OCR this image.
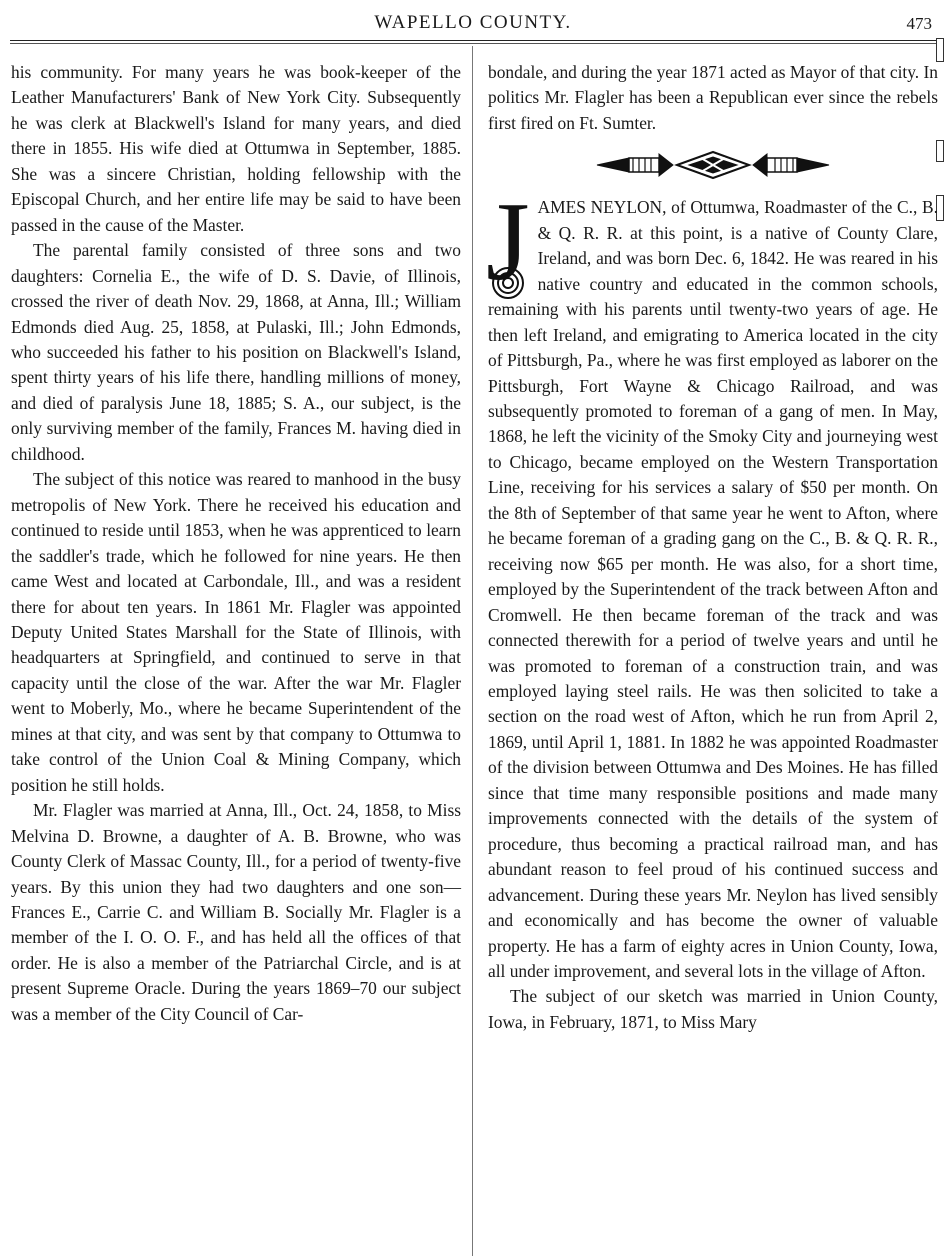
WAPELLO COUNTY.	473

his community. For many years he was book-keeper of the Leather Manufacturers' Bank of New York City. Subsequently he was clerk at Blackwell's Island for many years, and died there in 1855. His wife died at Ottumwa in September, 1885. She was a sincere Christian, holding fellowship with the Episcopal Church, and her entire life may be said to have been passed in the cause of the Master.

The parental family consisted of three sons and two daughters: Cornelia E., the wife of D. S. Davie, of Illinois, crossed the river of death Nov. 29, 1868, at Anna, Ill.; William Edmonds died Aug. 25, 1858, at Pulaski, Ill.; John Edmonds, who succeeded his father to his position on Blackwell's Island, spent thirty years of his life there, handling millions of money, and died of paralysis June 18, 1885; S. A., our subject, is the only surviving member of the family, Frances M. having died in childhood.

The subject of this notice was reared to manhood in the busy metropolis of New York. There he received his education and continued to reside until 1853, when he was apprenticed to learn the saddler's trade, which he followed for nine years. He then came West and located at Carbondale, Ill., and was a resident there for about ten years. In 1861 Mr. Flagler was appointed Deputy United States Marshall for the State of Illinois, with headquarters at Springfield, and continued to serve in that capacity until the close of the war. After the war Mr. Flagler went to Moberly, Mo., where he became Superintendent of the mines at that city, and was sent by that company to Ottumwa to take control of the Union Coal & Mining Company, which position he still holds.

Mr. Flagler was married at Anna, Ill., Oct. 24, 1858, to Miss Melvina D. Browne, a daughter of A. B. Browne, who was County Clerk of Massac County, Ill., for a period of twenty-five years. By this union they had two daughters and one son—Frances E., Carrie C. and William B. Socially Mr. Flagler is a member of the I. O. O. F., and has held all the offices of that order. He is also a member of the Patriarchal Circle, and is at present Supreme Oracle. During the years 1869–70 our subject was a member of the City Council of Car-

bondale, and during the year 1871 acted as Mayor of that city. In politics Mr. Flagler has been a Republican ever since the rebels first fired on Ft. Sumter.

J AMES NEYLON, of Ottumwa, Roadmaster of the C., B. & Q. R. R. at this point, is a native of County Clare, Ireland, and was born Dec. 6, 1842. He was reared in his native country and educated in the common schools, remaining with his parents until twenty-two years of age. He then left Ireland, and emigrating to America located in the city of Pittsburgh, Pa., where he was first employed as laborer on the Pittsburgh, Fort Wayne & Chicago Railroad, and was subsequently promoted to foreman of a gang of men. In May, 1868, he left the vicinity of the Smoky City and journeying west to Chicago, became employed on the Western Transportation Line, receiving for his services a salary of $50 per month. On the 8th of September of that same year he went to Afton, where he became foreman of a grading gang on the C., B. & Q. R. R., receiving now $65 per month. He was also, for a short time, employed by the Superintendent of the track between Afton and Cromwell. He then became foreman of the track and was connected therewith for a period of twelve years and until he was promoted to foreman of a construction train, and was employed laying steel rails. He was then solicited to take a section on the road west of Afton, which he run from April 2, 1869, until April 1, 1881. In 1882 he was appointed Roadmaster of the division between Ottumwa and Des Moines. He has filled since that time many responsible positions and made many improvements connected with the details of the system of procedure, thus becoming a practical railroad man, and has abundant reason to feel proud of his continued success and advancement. During these years Mr. Neylon has lived sensibly and economically and has become the owner of valuable property. He has a farm of eighty acres in Union County, Iowa, all under improvement, and several lots in the village of Afton.

The subject of our sketch was married in Union County, Iowa, in February, 1871, to Miss Mary
